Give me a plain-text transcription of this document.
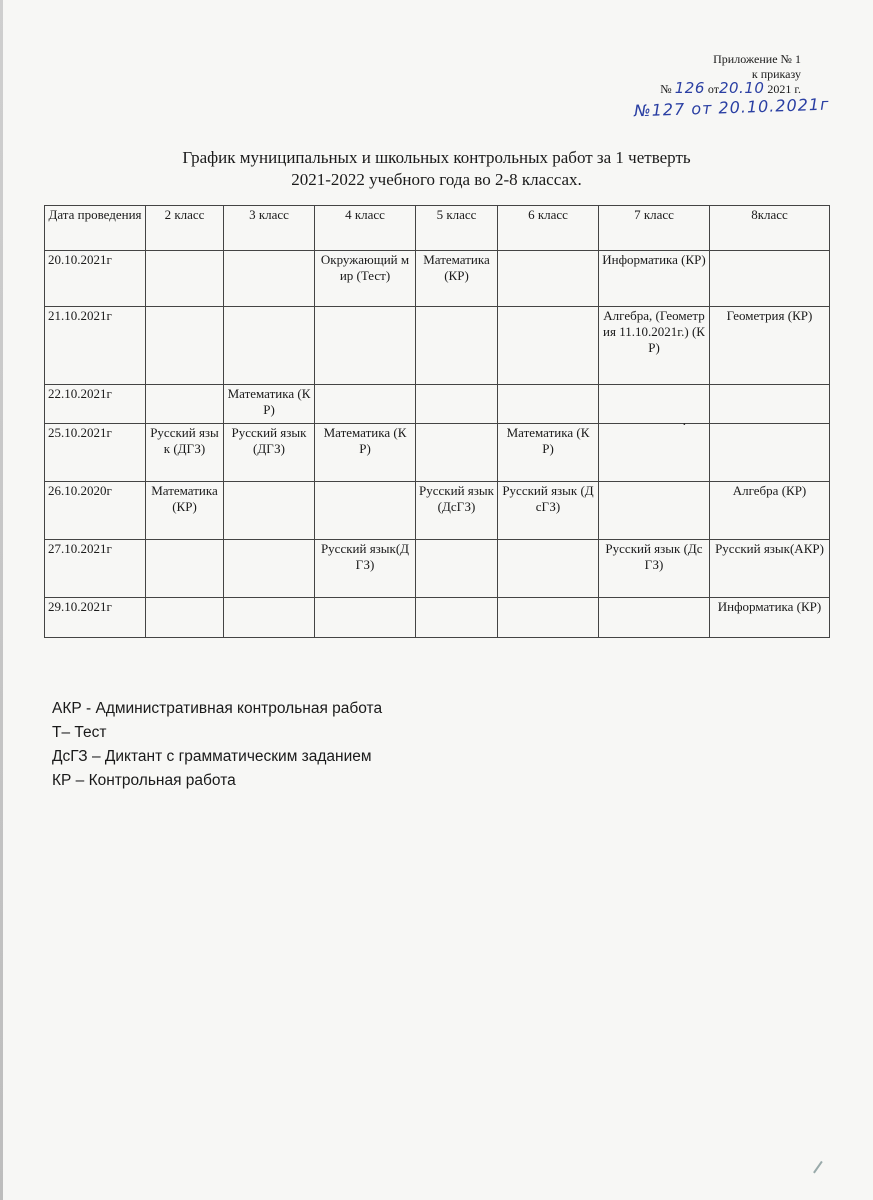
Приложение № 1
к приказу
№ 126 от20.10 2021 г.
№127 от 20.10.2021г
График муниципальных и школьных контрольных работ за 1 четверть
2021-2022 учебного года во 2-8 классах.
Дата проведения	2 класс	3 класс	4 класс	5 класс	6 класс	7 класс	8класс
20.10.2021г			Окружающий мир (Тест)	Математика (КР)		Информатика (КР)	
21.10.2021г						Алгебра, (Геометрия 11.10.2021г.) (КР)	Геометрия (КР)
22.10.2021г		Математика (КР)					
25.10.2021г	Русский язык (ДГЗ)	Русский язык (ДГЗ)	Математика (КР)		Математика (КР)		
26.10.2020г	Математика (КР)			Русский язык (ДсГЗ)	Русский язык (ДсГЗ)		Алгебра (КР)
27.10.2021г			Русский язык(ДГЗ)			Русский язык (ДсГЗ)	Русский язык(АКР)
29.10.2021г							Информатика (КР)
·
АКР - Административная контрольная работа
Т– Тест
ДсГЗ – Диктант с грамматическим заданием
КР – Контрольная работа
